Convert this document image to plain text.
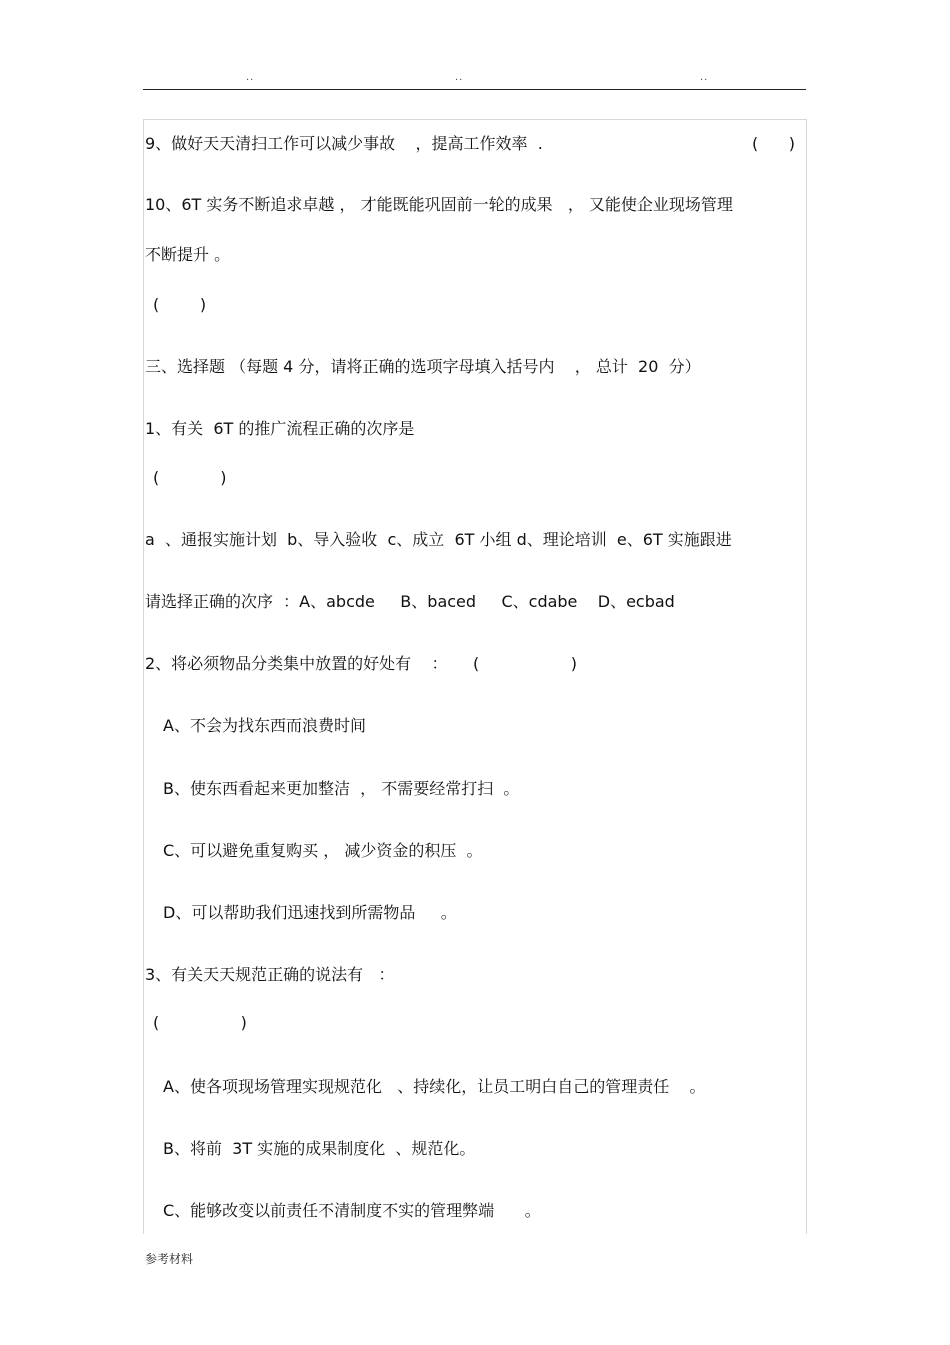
..	..	..
9、做好天天清扫工作可以减少事故    ，提高工作效率  .	(      )
10、6T 实务不断追求卓越 ， 才能既能巩固前一轮的成果   ， 又能使企业现场管理
不断提升 。
(        )
三、选择题 （每题 4 分，请将正确的选项字母填入括号内    ， 总计  20  分）
1、有关  6T 的推广流程正确的次序是
(            )
a  、通报实施计划  b、导入验收  c、成立  6T 小组 d、理论培训  e、6T 实施跟进
请选择正确的次序  ：A、abcde     B、baced     C、cdabe    D、ecbad
2、将必须物品分类集中放置的好处有    ：     (                  )
A、不会为找东西而浪费时间
B、使东西看起来更加整洁  ， 不需要经常打扫  。
C、可以避免重复购买 ， 减少资金的积压  。
D、可以帮助我们迅速找到所需物品     。
3、有关天天规范正确的说法有   ：
(                )
A、使各项现场管理实现规范化   、持续化，让员工明白自己的管理责任    。
B、将前  3T 实施的成果制度化  、规范化。
C、能够改变以前责任不清制度不实的管理弊端      。
参考材料
